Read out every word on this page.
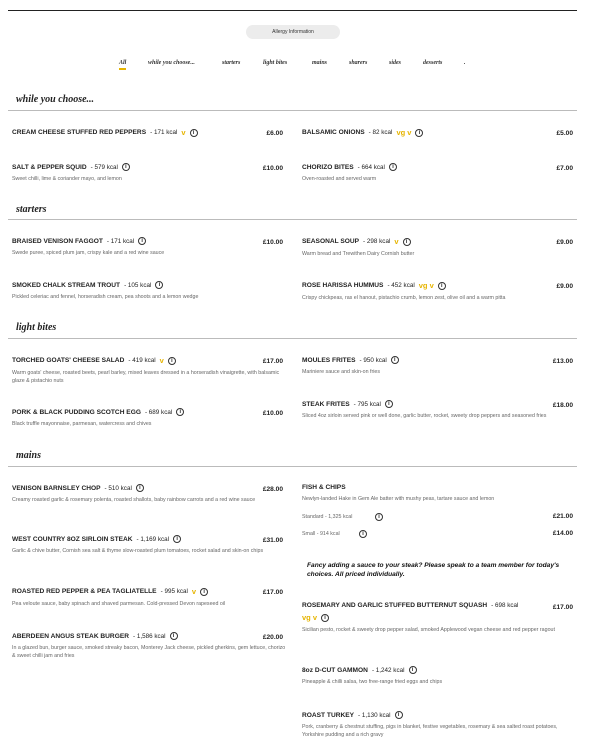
Allergy Information
All	while you choose...	starters	light bites	mains	sharers	sides	desserts	.
while you choose...
CREAM CHEESE STUFFED RED PEPPERS - 171 kcal v	i	£6.00	BALSAMIC ONIONS - 82 kcal vg v	i	£5.00
SALT & PEPPER SQUID - 579 kcal	i
Sweet chilli, lime & coriander mayo, and lemon
£10.00	CHORIZO BITES - 664 kcal	i
Oven-roasted and served warm
£7.00
starters
BRAISED VENISON FAGGOT - 171 kcal	i
Swede puree, spiced plum jam, crispy kale and a red wine sauce
£10.00	SEASONAL SOUP - 298 kcal v	i
Warm bread and Trewithen Dairy Cornish butter
£9.00
SMOKED CHALK STREAM TROUT - 105 kcal	i
Pickled celeriac and fennel, horseradish cream, pea shoots and a lemon wedge
ROSE HARISSA HUMMUS - 452 kcal vg v	i
Crispy chickpeas, ras el hanout, pistachio crumb, lemon zest, olive oil and a warm pitta
£9.00
light bites
TORCHED GOATS' CHEESE SALAD - 419 kcal v	i
Warm goats' cheese, roasted beets, pearl barley, mixed leaves dressed in a horseradish vinaigrette, with balsamic glaze & pistachio nuts
£17.00	MOULES FRITES - 950 kcal	i
Mariniere sauce and skin-on fries
£13.00
PORK & BLACK PUDDING SCOTCH EGG - 689 kcal	i
Black truffle mayonnaise, parmesan, watercress and chives
£10.00
STEAK FRITES - 795 kcal	i
Sliced 4oz sirloin served pink or well done, garlic butter, rocket, sweety drop peppers and seasoned fries
£18.00
mains
VENISON BARNSLEY CHOP - 510 kcal	i
Creamy roasted garlic & rosemary polenta, roasted shallots, baby rainbow carrots and a red wine sauce
£28.00	FISH & CHIPS
Newlyn-landed Hake in Gem Ale batter with mushy peas, tartare sauce and lemon
Standard - 1,325 kcal	i	£21.00
Small - 914 kcal	i	£14.00
WEST COUNTRY 8OZ SIRLOIN STEAK - 1,169 kcal	i
Garlic & chive butter, Cornish sea salt & thyme slow-roasted plum tomatoes, rocket salad and skin-on chips
£31.00
Fancy adding a sauce to your steak? Please speak to a team member for today's choices. All priced individually.
ROASTED RED PEPPER & PEA TAGLIATELLE - 995 kcal v	i
Pea veloute sauce, baby spinach and shaved parmesan. Cold-pressed Devon rapeseed oil
£17.00
ROSEMARY AND GARLIC STUFFED BUTTERNUT SQUASH - 698 kcal
vg v	i
Sicilian pesto, rocket & sweety drop pepper salad, smoked Applewood vegan cheese and red pepper ragout
£17.00
ABERDEEN ANGUS STEAK BURGER - 1,586 kcal	i
In a glazed bun, burger sauce, smoked streaky bacon, Monterey Jack cheese, pickled gherkins, gem lettuce, chorizo & sweet chilli jam and fries
£20.00
8oz D-CUT GAMMON - 1,242 kcal	i
Pineapple & chilli salsa, two free-range fried eggs and chips
ROAST TURKEY - 1,130 kcal	i
Pork, cranberry & chestnut stuffing, pigs in blanket, festive vegetables, rosemary & sea salted roast potatoes, Yorkshire pudding and a rich gravy
